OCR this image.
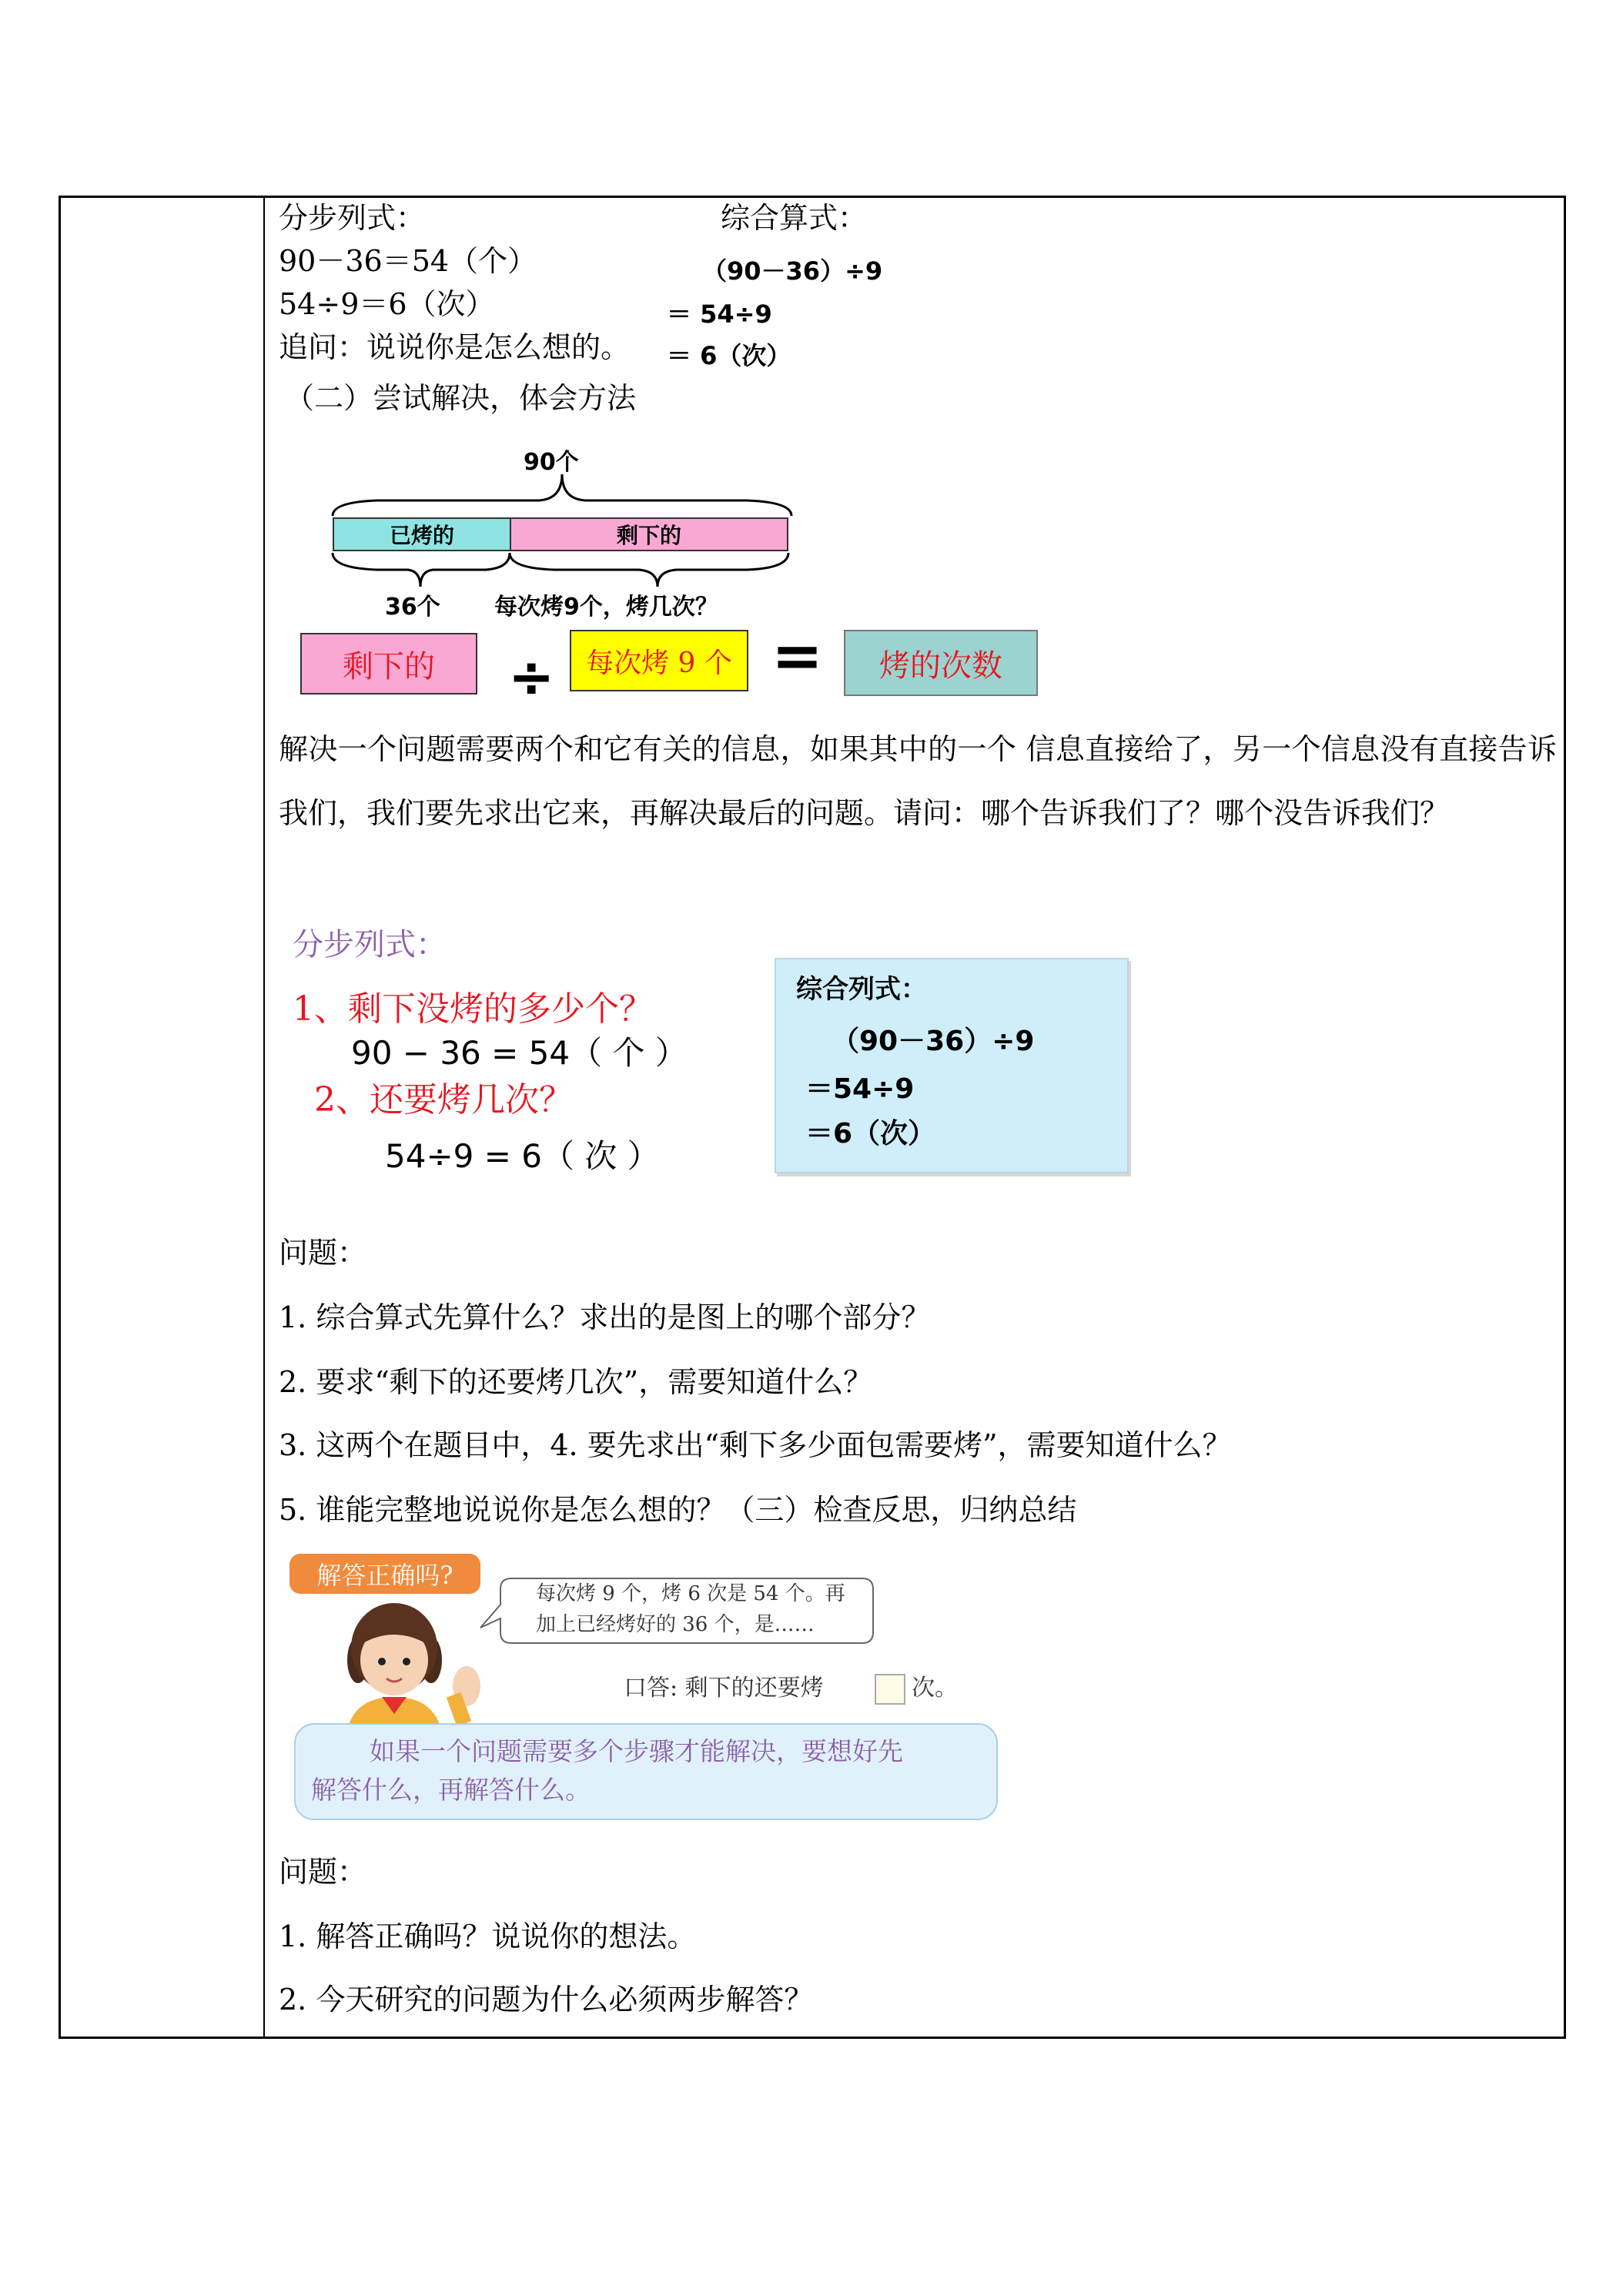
分步列式：	综合算式：
90－36＝54（个）
54÷9＝6（次）
（90－36）÷9
＝ 54÷9
＝ 6（次）
追问：说说你是怎么想的。
（二）尝试解决，体会方法
90个
已烤的	剩下的
36个 每次烤9个，烤几次？
剩下的 ÷ 每次烤 9 个 = 烤的次数
解决一个问题需要两个和它有关的信息，如果其中的一个 信息直接给了，另一个信息没有直接告诉我们，我们要先求出它来，再解决最后的问题。请问：哪个告诉我们了？哪个没告诉我们？
分步列式：
1、剩下没烤的多少个？
90 − 36 = 54（ 个 ）
2、还要烤几次？
54÷9 = 6（ 次 ）
综合列式：
（90－36）÷9
＝54÷9
＝6（次）
问题：
1. 综合算式先算什么？求出的是图上的哪个部分？
2. 要求“剩下的还要烤几次”，需要知道什么？
3. 这两个在题目中，4. 要先求出“剩下多少面包需要烤”，需要知道什么？
5. 谁能完整地说说你是怎么想的？（三）检查反思，归纳总结
解答正确吗?
每次烤 9 个，烤 6 次是 54 个。再
加上已经烤好的 36 个，是……
口答: 剩下的还要烤	次。
如果一个问题需要多个步骤才能解决，要想好先
解答什么，再解答什么。
问题：
1. 解答正确吗？说说你的想法。
2. 今天研究的问题为什么必须两步解答？
